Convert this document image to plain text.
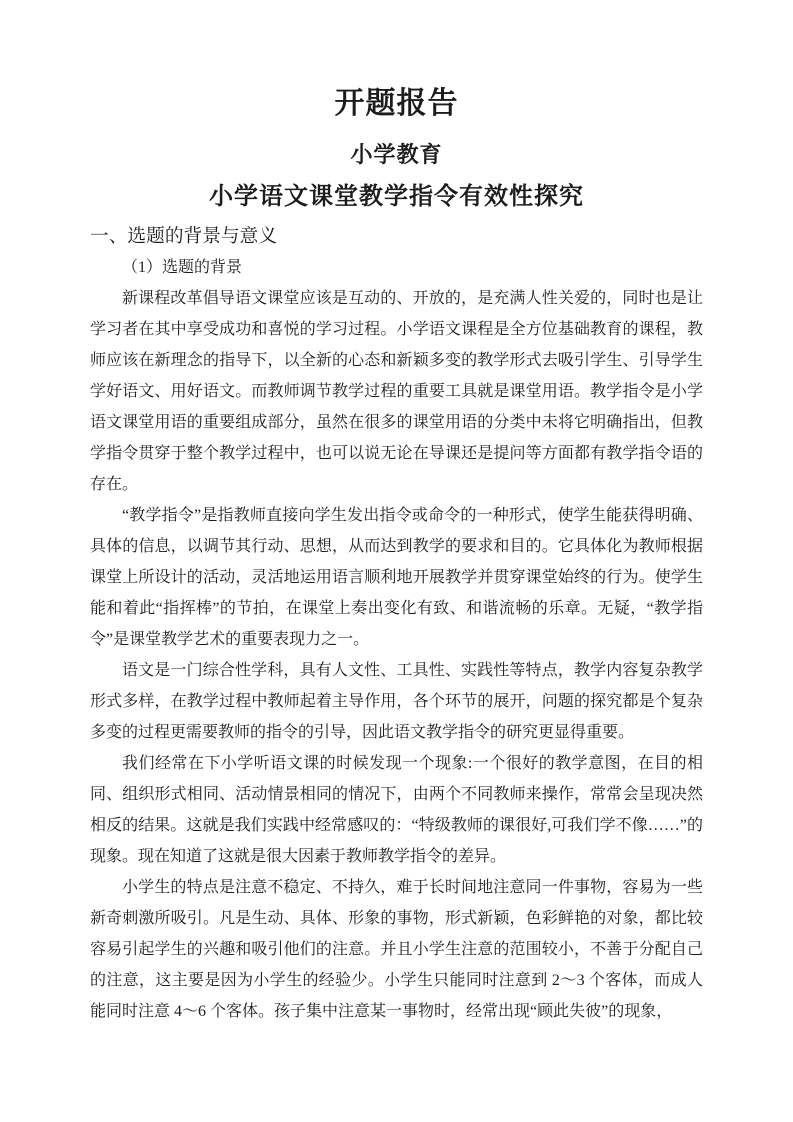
开题报告
小学教育
小学语文课堂教学指令有效性探究
一、选题的背景与意义
（1）选题的背景

新课程改革倡导语文课堂应该是互动的、开放的，是充满人性关爱的，同时也是让学习者在其中享受成功和喜悦的学习过程。小学语文课程是全方位基础教育的课程，教师应该在新理念的指导下，以全新的心态和新颖多变的教学形式去吸引学生、引导学生学好语文、用好语文。而教师调节教学过程的重要工具就是课堂用语。教学指令是小学语文课堂用语的重要组成部分，虽然在很多的课堂用语的分类中未将它明确指出，但教学指令贯穿于整个教学过程中，也可以说无论在导课还是提问等方面都有教学指令语的存在。

“教学指令”是指教师直接向学生发出指令或命令的一种形式，使学生能获得明确、具体的信息，以调节其行动、思想，从而达到教学的要求和目的。它具体化为教师根据课堂上所设计的活动，灵活地运用语言顺利地开展教学并贯穿课堂始终的行为。使学生能和着此“指挥棒”的节拍，在课堂上奏出变化有致、和谐流畅的乐章。无疑，“教学指令”是课堂教学艺术的重要表现力之一。

语文是一门综合性学科，具有人文性、工具性、实践性等特点，教学内容复杂教学形式多样，在教学过程中教师起着主导作用，各个环节的展开，问题的探究都是个复杂多变的过程更需要教师的指令的引导，因此语文教学指令的研究更显得重要。

我们经常在下小学听语文课的时候发现一个现象:一个很好的教学意图，在目的相同、组织形式相同、活动情景相同的情况下，由两个不同教师来操作，常常会呈现决然相反的结果。这就是我们实践中经常感叹的：“特级教师的课很好,可我们学不像……”的现象。现在知道了这就是很大因素于教师教学指令的差异。

小学生的特点是注意不稳定、不持久，难于长时间地注意同一件事物，容易为一些新奇刺激所吸引。凡是生动、具体、形象的事物，形式新颖，色彩鲜艳的对象，都比较容易引起学生的兴趣和吸引他们的注意。并且小学生注意的范围较小，不善于分配自己的注意，这主要是因为小学生的经验少。小学生只能同时注意到 2～3 个客体，而成人能同时注意 4～6 个客体。孩子集中注意某一事物时，经常出现“顾此失彼”的现象，
